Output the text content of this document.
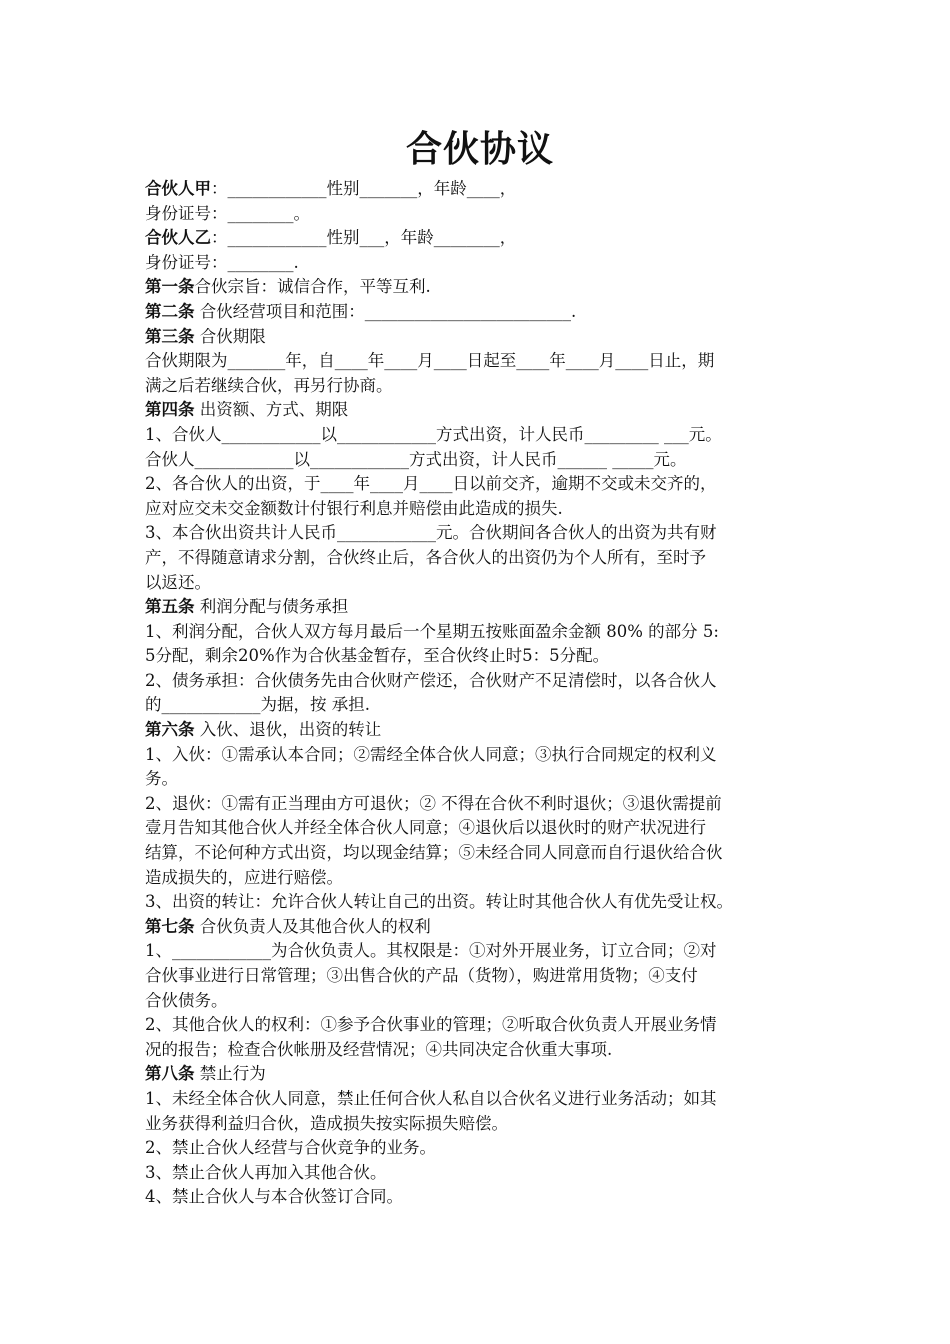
合伙协议
合伙人甲：____________性别_______，年龄____，
身份证号：________。
合伙人乙：____________性别___，年龄________，
身份证号：________.
第一条合伙宗旨：诚信合作，平等互利.
第二条 合伙经营项目和范围：_________________________.
第三条 合伙期限
合伙期限为_______年，自____年____月____日起至____年____月____日止，期
满之后若继续合伙，再另行协商。
第四条 出资额、方式、期限
1、合伙人____________以____________方式出资，计人民币_________ ___元。
合伙人____________以____________方式出资，计人民币______ _____元。
2、各合伙人的出资，于____年____月____日以前交齐，逾期不交或未交齐的，
应对应交未交金额数计付银行利息并赔偿由此造成的损失.
3、本合伙出资共计人民币____________元。合伙期间各合伙人的出资为共有财
产，不得随意请求分割，合伙终止后，各合伙人的出资仍为个人所有，至时予
以返还。
第五条 利润分配与债务承担
1、利润分配，合伙人双方每月最后一个星期五按账面盈余金额 80% 的部分 5:
5分配，剩余20%作为合伙基金暂存，至合伙终止时5：5分配。
2、债务承担：合伙债务先由合伙财产偿还，合伙财产不足清偿时，以各合伙人
的____________为据，按 承担.
第六条 入伙、退伙，出资的转让
1、入伙：①需承认本合同；②需经全体合伙人同意；③执行合同规定的权利义
务。
2、退伙：①需有正当理由方可退伙；② 不得在合伙不利时退伙；③退伙需提前
壹月告知其他合伙人并经全体合伙人同意；④退伙后以退伙时的财产状况进行
结算，不论何种方式出资，均以现金结算；⑤未经合同人同意而自行退伙给合伙
造成损失的，应进行赔偿。
3、出资的转让：允许合伙人转让自己的出资。转让时其他合伙人有优先受让权。
第七条 合伙负责人及其他合伙人的权利
1、____________为合伙负责人。其权限是：①对外开展业务，订立合同；②对
合伙事业进行日常管理；③出售合伙的产品（货物），购进常用货物；④支付
合伙债务。
2、其他合伙人的权利：①参予合伙事业的管理；②听取合伙负责人开展业务情
况的报告；检查合伙帐册及经营情况；④共同决定合伙重大事项.
第八条 禁止行为
1、未经全体合伙人同意，禁止任何合伙人私自以合伙名义进行业务活动；如其
业务获得利益归合伙，造成损失按实际损失赔偿。
2、禁止合伙人经营与合伙竞争的业务。
3、禁止合伙人再加入其他合伙。
4、禁止合伙人与本合伙签订合同。
